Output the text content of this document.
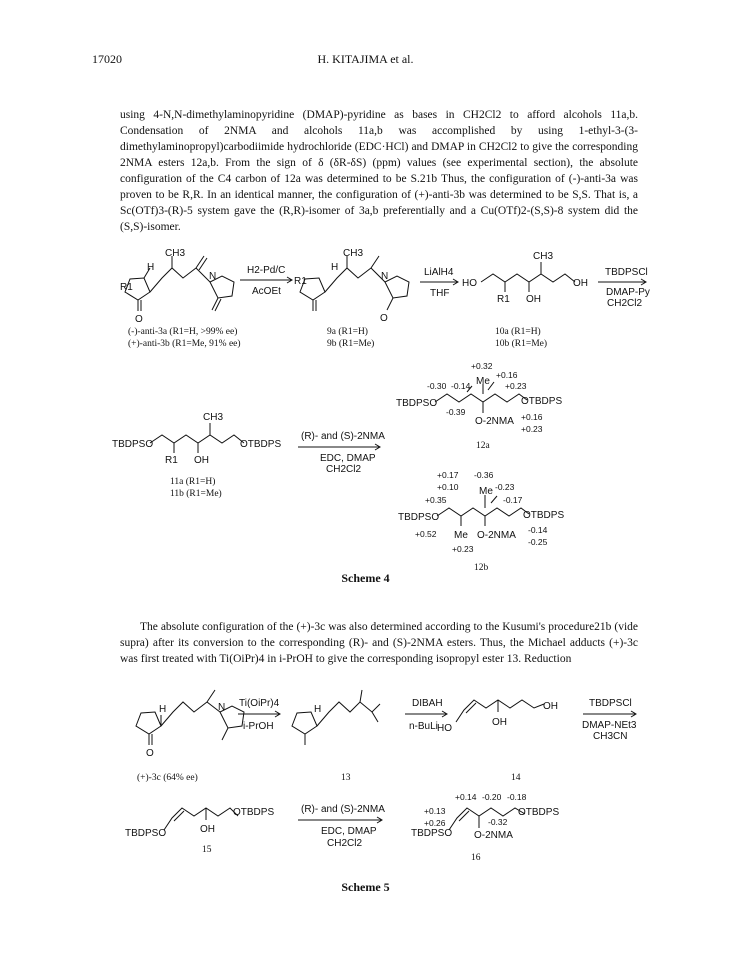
17020	H. KITAJIMA et al.

using 4-N,N-dimethylaminopyridine (DMAP)-pyridine as bases in CH2Cl2 to afford alcohols 11a,b. Condensation of 2NMA and alcohols 11a,b was accomplished by using 1-ethyl-3-(3-dimethylaminopropyl)carbodiimide hydrochloride (EDC·HCl) and DMAP in CH2Cl2 to give the corresponding 2NMA esters 12a,b. From the sign of δ (δR-δS) (ppm) values (see experimental section), the absolute configuration of the C4 carbon of 12a was determined to be S.21b Thus, the configuration of (-)-anti-3a was proven to be R,R. In an identical manner, the configuration of (+)-anti-3b was determined to be S,S. That is, a Sc(OTf)3-(R)-5 system gave the (R,R)-isomer of 3a,b preferentially and a Cu(OTf)2-(S,S)-8 system did the (S,S)-isomer.

R1
H
CH3
O
N
H2-Pd/C
AcOEt
R1
H
CH3
N
O
LiAlH4
THF
HO
CH3
OH
R1 OH
TBDPSCl
DMAP-Py
CH2Cl2
(-)-anti-3a (R1=H, >99% ee)
(+)-anti-3b (R1=Me, 91% ee)
9a (R1=H)
9b (R1=Me)
10a (R1=H)
10b (R1=Me)
TBDPSO
CH3
OTBDPS
R1 OH
11a (R1=H)
11b (R1=Me)
(R)- and (S)-2NMA
EDC, DMAP
CH2Cl2
TBDPSO	OTBDPS
Me
O-2NMA
+0.32
+0.16
-0.30 -0.14	+0.23
-0.39	+0.16
+0.23
12a
TBDPSO	OTBDPS
Me
Me O-2NMA
+0.17 -0.36
+0.10	-0.23
+0.35	-0.17
+0.52	-0.14
-0.25
+0.23
12b
H
O
N
(+)-3c (64% ee)
Ti(OiPr)4
i-PrOH
H
13
DIBAH
n-BuLi HO
OH
OH
14
TBDPSCl
DMAP-NEt3
CH3CN
TBDPSO	OH
OTBDPS
15
(R)- and (S)-2NMA
EDC, DMAP
CH2Cl2
TBDPSO
OTBDPS
O-2NMA
+0.14 -0.20 -0.18
+0.13
+0.26	-0.32
16
Scheme 4

The absolute configuration of the (+)-3c was also determined according to the Kusumi's procedure21b (vide supra) after its conversion to the corresponding (R)- and (S)-2NMA esters. Thus, the Michael adducts (+)-3c was first treated with Ti(OiPr)4 in i-PrOH to give the corresponding isopropyl ester 13. Reduction

Scheme 5
